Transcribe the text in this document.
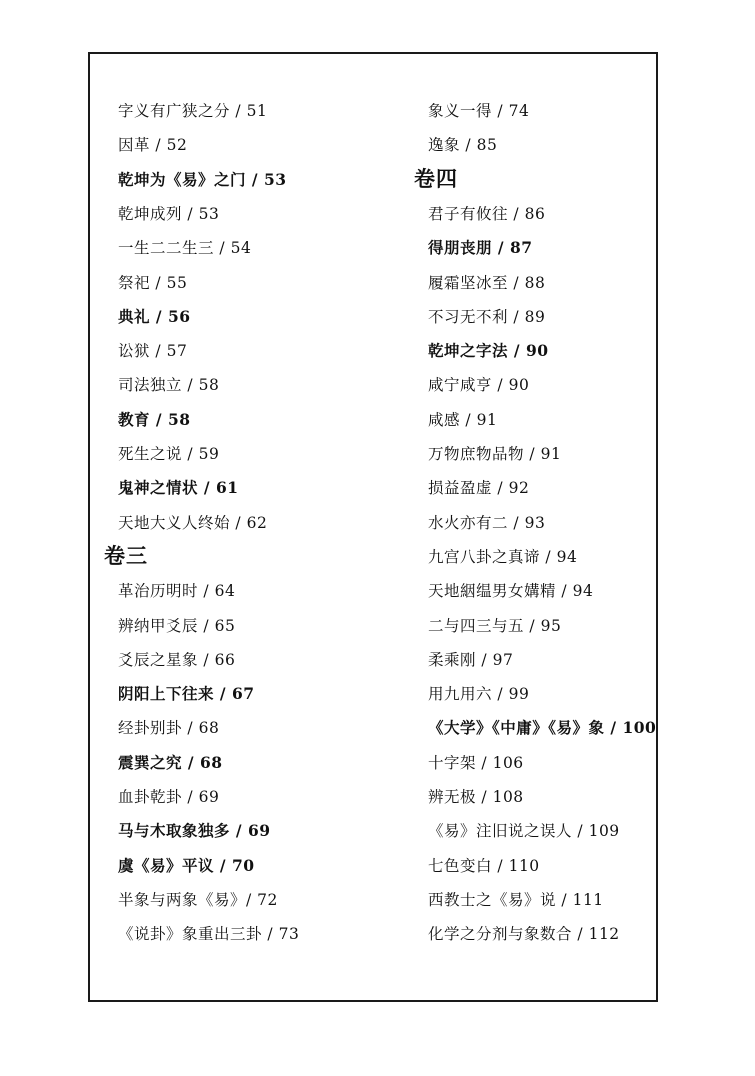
字义有广狭之分 / 51
因革 / 52
乾坤为《易》之门 / 53
乾坤成列 / 53
一生二二生三 / 54
祭祀 / 55
典礼 / 56
讼狱 / 57
司法独立 / 58
教育 / 58
死生之说 / 59
鬼神之情状 / 61
天地大义人终始 / 62
卷三
革治历明时 / 64
辨纳甲爻辰 / 65
爻辰之星象 / 66
阴阳上下往来 / 67
经卦别卦 / 68
震巽之究 / 68
血卦乾卦 / 69
马与木取象独多 / 69
虞《易》平议 / 70
半象与两象《易》/ 72
《说卦》象重出三卦 / 73
象义一得 / 74
逸象 / 85
卷四
君子有攸往 / 86
得朋丧朋 / 87
履霜坚冰至 / 88
不习无不利 / 89
乾坤之字法 / 90
咸宁咸亨 / 90
咸感 / 91
万物庶物品物 / 91
损益盈虚 / 92
水火亦有二 / 93
九宫八卦之真谛 / 94
天地絪缊男女媾精 / 94
二与四三与五 / 95
柔乘刚 / 97
用九用六 / 99
《大学》《中庸》《易》象 / 100
十字架 / 106
辨无极 / 108
《易》注旧说之误人 / 109
七色变白 / 110
西教士之《易》说 / 111
化学之分剂与象数合 / 112
